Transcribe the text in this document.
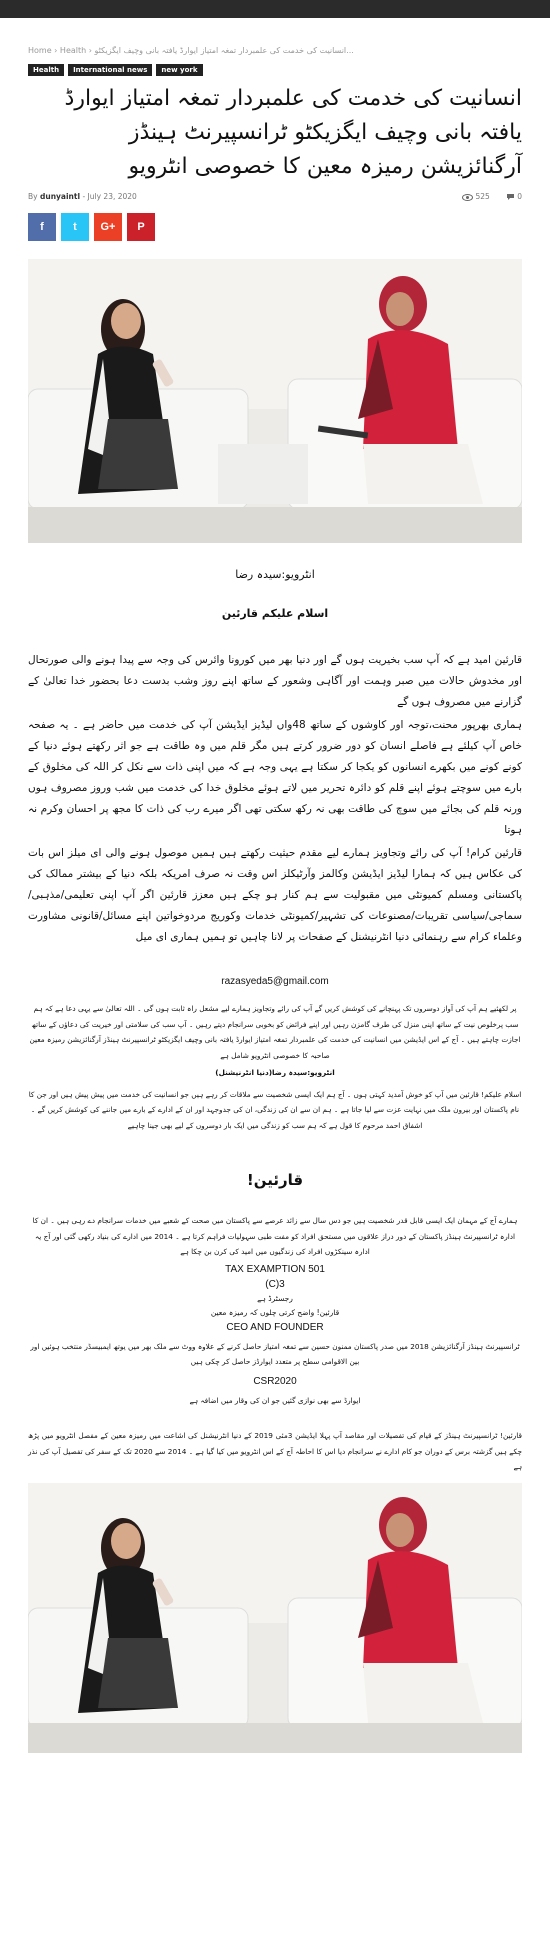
Home › Health › انسانیت کی خدمت کی علمبردار تمغہ امتیاز ایوارڈ یافتہ بانی وچیف ایگزیکٹو...
Health	International news	new york
انسانیت کی خدمت کی علمبردار تمغہ امتیاز ایوارڈ یافتہ بانی وچیف ایگزیکٹو ٹرانسپیرنٹ ہینڈز آرگنائزیشن رمیزہ معین کا خصوصی انٹرویو
By dunyaintl - July 23, 2020	525	0
f	t	G+	P
انٹرویو:سیدہ رضا
اسلام علیکم قارئین

قارئین امید ہے کہ آپ سب بخیریت ہوں گے اور دنیا بھر میں کورونا وائرس کی وجہ سے پیدا ہونے والی صورتحال اور مخدوش حالات میں صبر وہمت اور آگاہی وشعور کے ساتھ اپنے روز وشب بدست دعا بحضور خدا تعالیٰ کے گزارنے میں مصروف ہوں گے

ہماری بھرپور محنت،توجہ اور کاوشوں کے ساتھ 48واں لیڈیز ایڈیشن آپ کی خدمت میں حاضر ہے ۔ یہ صفحہ خاص آپ کیلئے ہے فاصلے انسان کو دور ضرور کرتے ہیں مگر قلم میں وہ طاقت ہے جو اثر رکھتے ہوئے دنیا کے کونے کونے میں بکھرے انسانوں کو یکجا کر سکتا ہے یہی وجہ ہے کہ میں اپنی ذات سے نکل کر اللہ کی مخلوق کے بارے میں سوچتے ہوئے اپنے قلم کو دائرہ تحریر میں لاتے ہوئے مخلوق خدا کی خدمت میں شب وروز مصروف ہوں ورنہ قلم کی بجائے میں سوچ کی طاقت بھی نہ رکھ سکتی تھی اگر میرے رب کی ذات کا مجھ پر احسان وکرم نہ ہوتا

قارئین کرام! آپ کی رائے وتجاویز ہمارے لیے مقدم حیثیت رکھتے ہیں ہمیں موصول ہونے والی ای میلز اس بات کی عکاس ہیں کہ ہمارا لیڈیز ایڈیشن وکالمز وآرٹیکلز اس وقت نہ صرف امریکہ بلکہ دنیا کے بیشتر ممالک کی پاکستانی ومسلم کمیونٹی میں مقبولیت سے ہم کنار ہو چکے ہیں معزز قارئین اگر آپ اپنی تعلیمی/مذہبی/سماجی/سیاسی تقریبات/مصنوعات کی تشہیر/کمیونٹی خدمات وکوریج مردوخواتین اپنے مسائل/قانونی مشاورت وعلماء کرام سے رہنمائی دنیا انٹرنیشنل کے صفحات پر لانا چاہیں تو ہمیں ہماری ای میل

razasyeda5@gmail.com
پر لکھئیے ہم آپ کی آواز دوسروں تک پہنچانے کی کوشش کریں گے آپ کی رائے وتجاویز ہمارے لیے مشعل راہ ثابت ہوں گی ۔ اللہ تعالیٰ سے یہی دعا ہے کہ ہم سب پرخلوص نیت کے ساتھ اپنی منزل کی طرف گامزن رہیں اور اپنے فرائض کو بخوبی سرانجام دیتے رہیں ۔ آپ سب کی سلامتی اور خیریت کی دعاؤں کے ساتھ اجازت چاہتے ہیں ۔ آج کے اس ایڈیشن میں انسانیت کی خدمت کی علمبردار تمغہ امتیاز ایوارڈ یافتہ بانی وچیف ایگزیکٹو ٹرانسپیرنٹ ہینڈز آرگنائزیشن رمیزہ معین صاحبہ کا خصوصی انٹرویو شامل ہے
انٹرویو:سیدہ رضا(دنیا انٹرنیشنل)
اسلام علیکم! قارئین میں آپ کو خوش آمدید کہتی ہوں ۔ آج ہم ایک ایسی شخصیت سے ملاقات کر رہے ہیں جو انسانیت کی خدمت میں پیش پیش ہیں اور جن کا نام پاکستان اور بیرون ملک میں نہایت عزت سے لیا جاتا ہے ۔ ہم ان سے ان کی زندگی، ان کی جدوجہد اور ان کے ادارے کے بارے میں جاننے کی کوشش کریں گے ۔ اشفاق احمد مرحوم کا قول ہے کہ ہم سب کو زندگی میں ایک بار دوسروں کے لیے بھی جینا چاہیے
قارئین!
ہمارے آج کے مہمان ایک ایسی قابل قدر شخصیت ہیں جو دس سال سے زائد عرصے سے پاکستان میں صحت کے شعبے میں خدمات سرانجام دے رہی ہیں ۔ ان کا ادارہ ٹرانسپیرنٹ ہینڈز پاکستان کے دور دراز علاقوں میں مستحق افراد کو مفت طبی سہولیات فراہم کرتا ہے ۔ 2014 میں ادارے کی بنیاد رکھی گئی اور آج یہ ادارہ سینکڑوں افراد کی زندگیوں میں امید کی کرن بن چکا ہے
TAX EXAMPTION 501
(C)3
رجسٹرڈ ہے
قارئین! واضح کرتی چلوں کہ رمیزہ معین
CEO AND FOUNDER
ٹرانسپیرنٹ ہینڈز آرگنائزیشن 2018 میں صدر پاکستان ممنون حسین سے تمغہ امتیاز حاصل کرنے کے علاوہ ووٹ سے ملک بھر میں یوتھ ایمبیسڈر منتخب ہوئیں اور بین الاقوامی سطح پر متعدد ایوارڈز حاصل کر چکی ہیں
CSR2020
ایوارڈ سے بھی نوازی گئیں جو ان کی وقار میں اضافہ ہے
قارئین! ٹرانسپیرنٹ ہینڈز کے قیام کی تفصیلات اور مقاصد آپ پہلا ایڈیشن 3مئی 2019 کے دنیا انٹرنیشنل کی اشاعت میں رمیزہ معین کے مفصل انٹرویو میں پڑھ چکے ہیں گزشتہ برس کے دوران جو کام ادارے نے سرانجام دیا اس کا احاطہ آج کے اس انٹرویو میں کیا گیا ہے ۔ 2014 سے 2020 تک کے سفر کی تفصیل آپ کی نذر ہے
